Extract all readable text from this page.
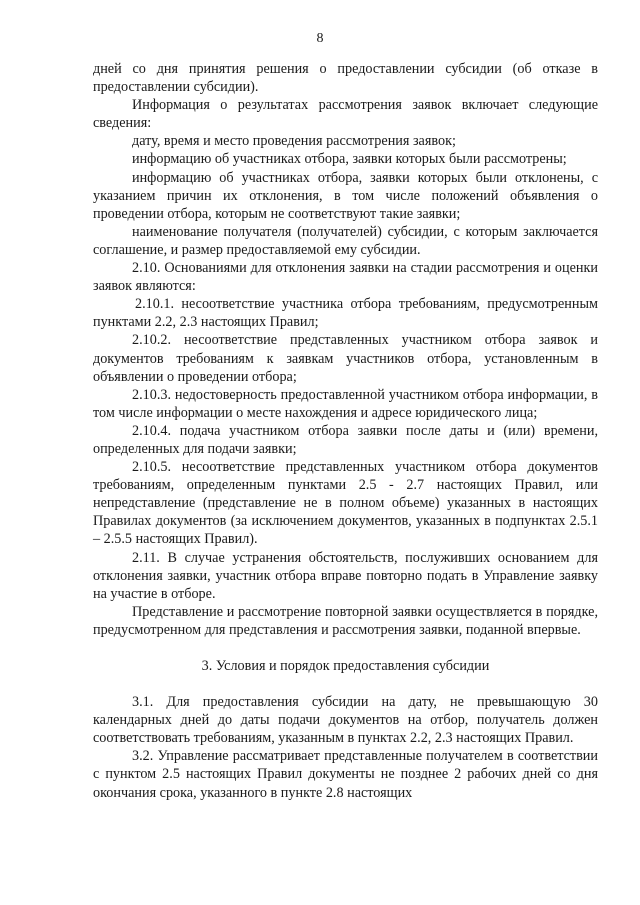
8

дней со дня принятия решения о предоставлении субсидии (об отказе в предоставлении субсидии).

Информация о результатах рассмотрения заявок включает следующие сведения:

дату, время и место проведения рассмотрения заявок;

информацию об участниках отбора, заявки которых были рассмотрены;

информацию об участниках отбора, заявки которых были отклонены, с указанием причин их отклонения, в том числе положений объявления о проведении отбора, которым не соответствуют такие заявки;

наименование получателя (получателей) субсидии, с которым заключается соглашение, и размер предоставляемой ему субсидии.

2.10. Основаниями для отклонения заявки на стадии рассмотрения и оценки заявок являются:

2.10.1. несоответствие участника отбора требованиям, предусмотренным пунктами 2.2, 2.3 настоящих Правил;

2.10.2. несоответствие представленных участником отбора заявок и документов требованиям к заявкам участников отбора, установленным в объявлении о проведении отбора;

2.10.3. недостоверность предоставленной участником отбора информации, в том числе информации о месте нахождения и адресе юридического лица;

2.10.4. подача участником отбора заявки после даты и (или) времени, определенных для подачи заявки;

2.10.5. несоответствие представленных участником отбора документов требованиям, определенным пунктами 2.5 - 2.7 настоящих Правил, или непредставление (представление не в полном объеме) указанных в настоящих Правилах документов (за исключением документов, указанных в подпунктах 2.5.1 – 2.5.5 настоящих Правил).

2.11. В случае устранения обстоятельств, послуживших основанием для отклонения заявки, участник отбора вправе повторно подать в Управление заявку на участие в отборе.

Представление и рассмотрение повторной заявки осуществляется в порядке, предусмотренном для представления и рассмотрения заявки, поданной впервые.

3. Условия и порядок предоставления субсидии

3.1. Для предоставления субсидии на дату, не превышающую 30 календарных дней до даты подачи документов на отбор, получатель должен соответствовать требованиям, указанным в пунктах 2.2, 2.3 настоящих Правил.

3.2. Управление рассматривает представленные получателем в соответствии с пунктом 2.5 настоящих Правил документы не позднее 2 рабочих дней со дня окончания срока, указанного в пункте 2.8 настоящих
